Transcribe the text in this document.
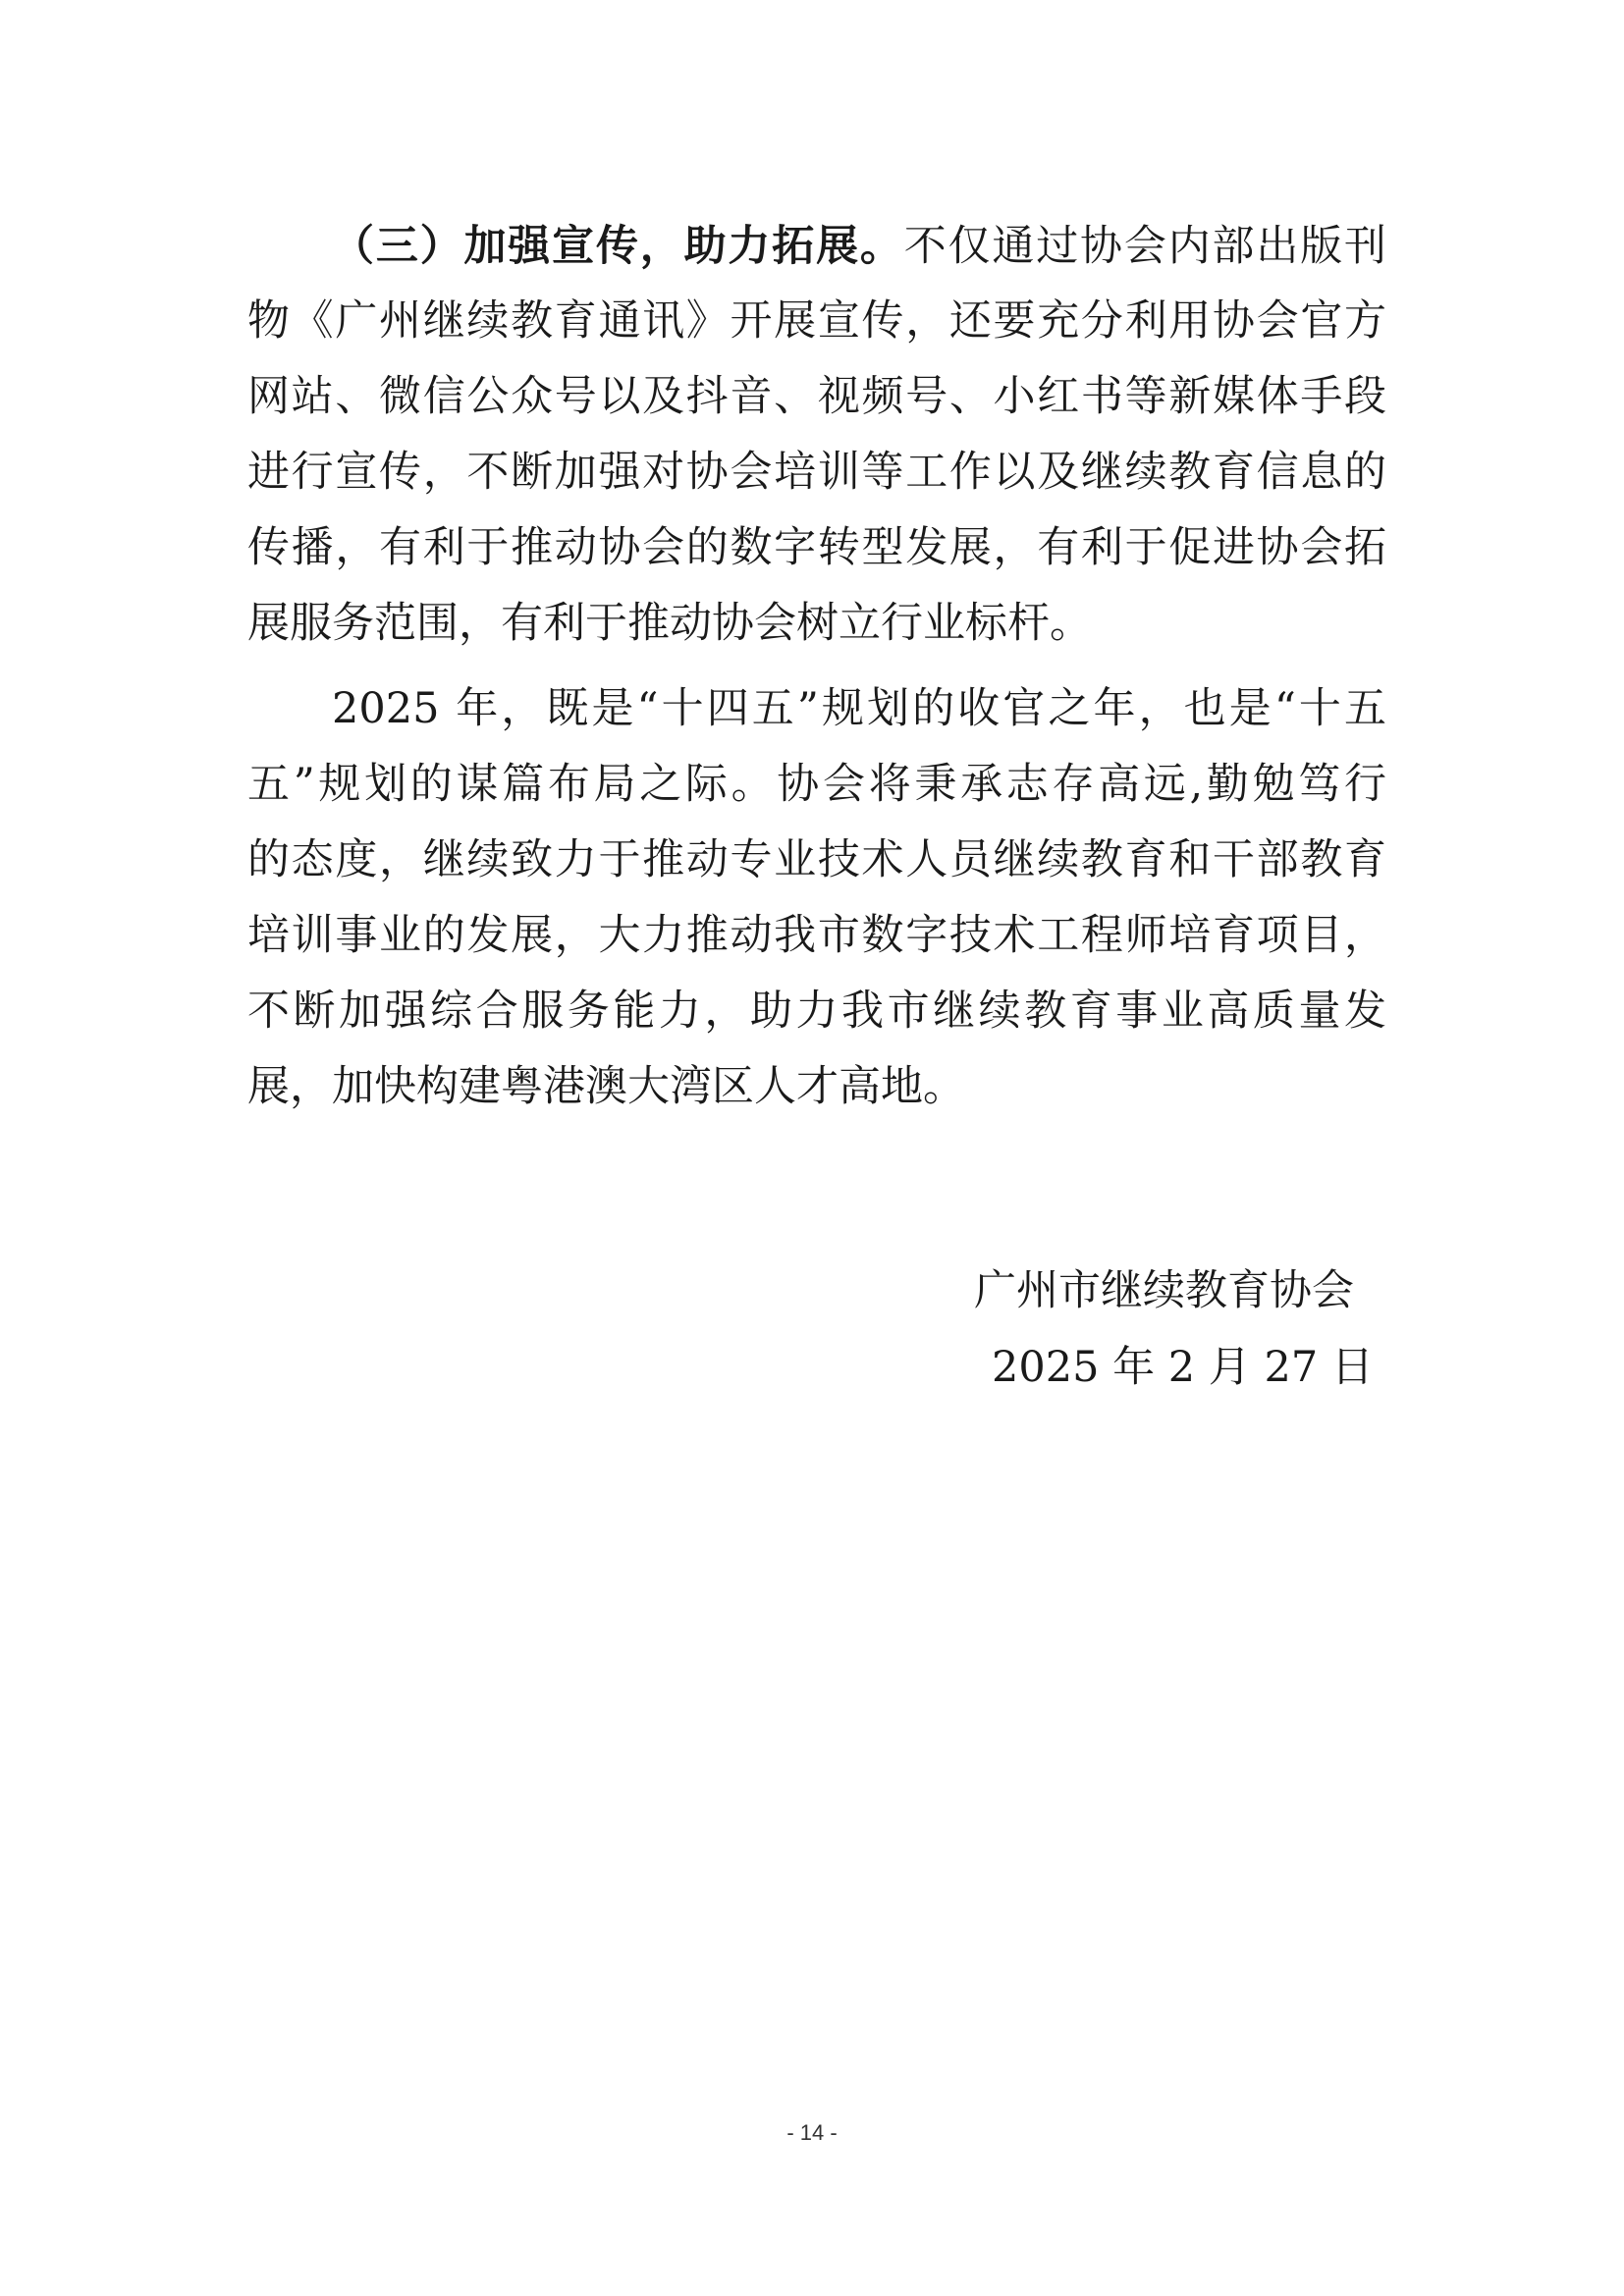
（三）加强宣传，助力拓展。不仅通过协会内部出版刊
物《广州继续教育通讯》开展宣传，还要充分利用协会官方
网站、微信公众号以及抖音、视频号、小红书等新媒体手段
进行宣传，不断加强对协会培训等工作以及继续教育信息的
传播，有利于推动协会的数字转型发展，有利于促进协会拓
展服务范围，有利于推动协会树立行业标杆。
2025 年，既是“十四五”规划的收官之年，也是“十五
五”规划的谋篇布局之际。协会将秉承志存高远,勤勉笃行
的态度，继续致力于推动专业技术人员继续教育和干部教育
培训事业的发展，大力推动我市数字技术工程师培育项目，
不断加强综合服务能力，助力我市继续教育事业高质量发
展，加快构建粤港澳大湾区人才高地。
广州市继续教育协会
2025 年 2 月 27 日
- 14 -
